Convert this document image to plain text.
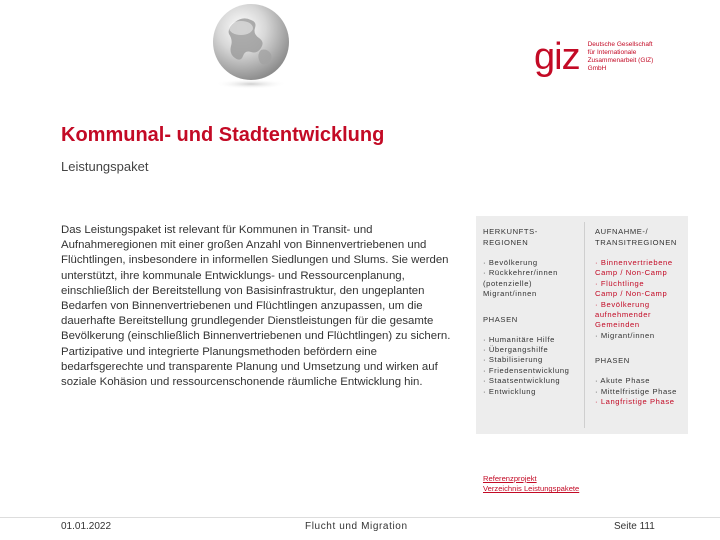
giz Deutsche Gesellschaft
für Internationale
Zusammenarbeit (GIZ) GmbH
Kommunal- und Stadtentwicklung
Leistungspaket

Das Leistungspaket ist relevant für Kommunen in Transit- und Aufnahmeregionen mit einer großen Anzahl von Binnenvertriebenen und Flüchtlingen, insbesondere in informellen Siedlungen und Slums. Sie werden unterstützt, ihre kommunale Entwicklungs- und Ressourcenplanung, einschließlich der Bereitstellung von Basisinfrastruktur, den ungeplanten Bedarfen von Binnenvertriebenen und Flüchtlingen anzupassen, um die dauerhafte Bereitstellung grundlegender Dienstleistungen für die gesamte Bevölkerung (einschließlich Binnenvertriebenen und Flüchtlingen) zu sichern. Partizipative und integrierte Planungsmethoden befördern eine bedarfsgerechte und transparente Planung und Umsetzung und wirken auf soziale Kohäsion und ressourcenschonende räumliche Entwicklung hin.

HERKUNFTS-REGIONEN
· Bevölkerung
· Rückkehrer/innen
(potenzielle)
Migrant/innen
PHASEN
· Humanitäre Hilfe
· Übergangshilfe
· Stabilisierung
· Friedensentwicklung
· Staatsentwicklung
· Entwicklung
AUFNAHME-/ TRANSITREGIONEN
· Binnenvertriebene
Camp / Non-Camp
· Flüchtlinge
Camp / Non-Camp
· Bevölkerung
aufnehmender
Gemeinden
· Migrant/innen
PHASEN
· Akute Phase
· Mittelfristige Phase
· Langfristige Phase
Referenzprojekt
Verzeichnis Leistungspakete
01.01.2022	Flucht und Migration	Seite 111
